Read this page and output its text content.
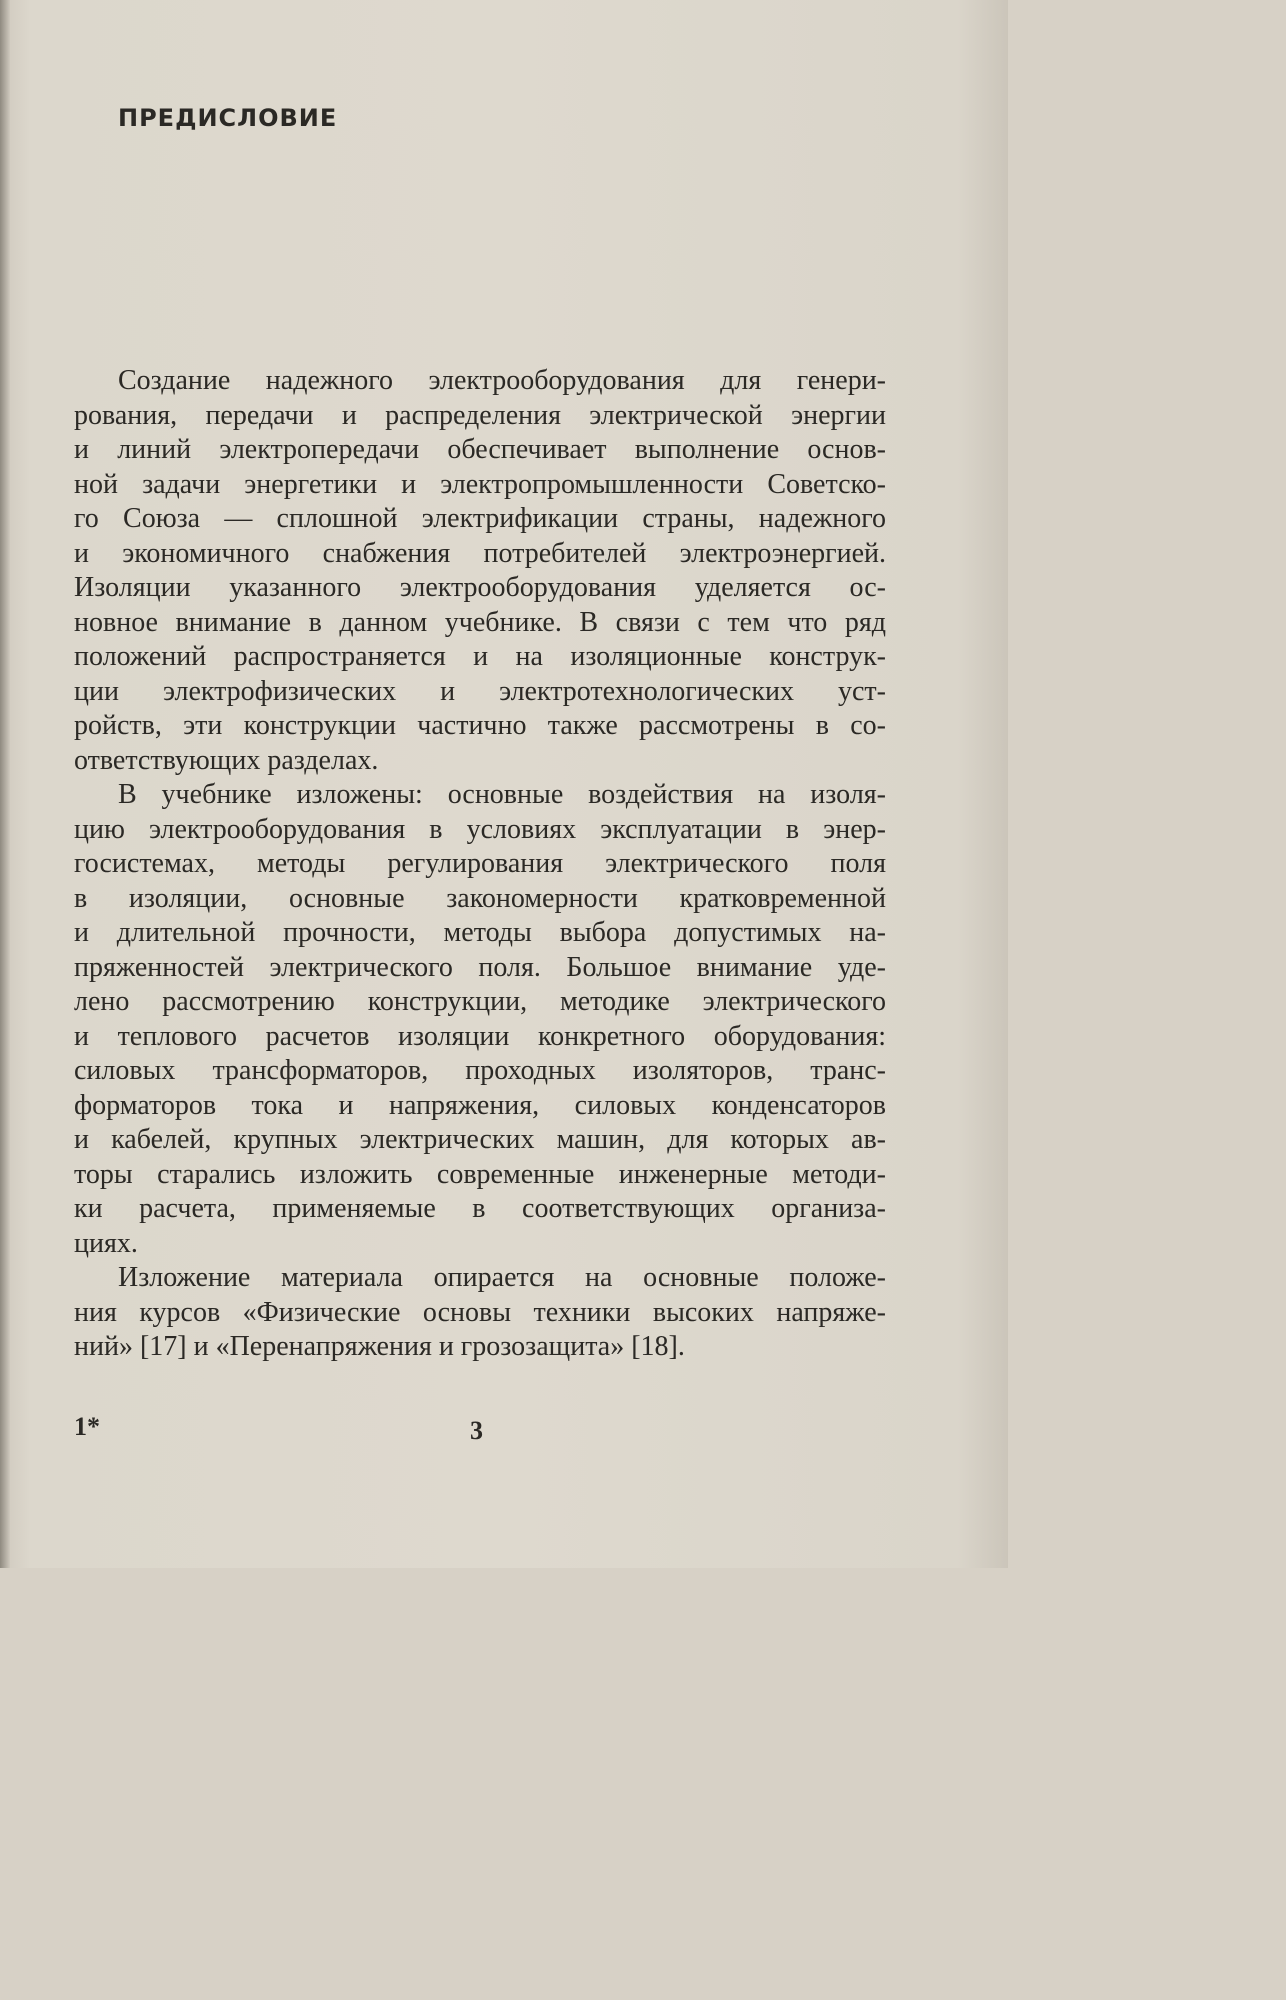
ПРЕДИСЛОВИЕ
Создание надежного электрооборудования для генери-
рования, передачи и распределения электрической энергии
и линий электропередачи обеспечивает выполнение основ-
ной задачи энергетики и электропромышленности Советско-
го Союза — сплошной электрификации страны, надежного
и экономичного снабжения потребителей электроэнергией.
Изоляции указанного электрооборудования уделяется ос-
новное внимание в данном учебнике. В связи с тем что ряд
положений распространяется и на изоляционные конструк-
ции электрофизических и электротехнологических уст-
ройств, эти конструкции частично также рассмотрены в со-
ответствующих разделах.
В учебнике изложены: основные воздействия на изоля-
цию электрооборудования в условиях эксплуатации в энер-
госистемах, методы регулирования электрического поля
в изоляции, основные закономерности кратковременной
и длительной прочности, методы выбора допустимых на-
пряженностей электрического поля. Большое внимание уде-
лено рассмотрению конструкции, методике электрического
и теплового расчетов изоляции конкретного оборудования:
силовых трансформаторов, проходных изоляторов, транс-
форматоров тока и напряжения, силовых конденсаторов
и кабелей, крупных электрических машин, для которых ав-
торы старались изложить современные инженерные методи-
ки расчета, применяемые в соответствующих организа-
циях.
Изложение материала опирается на основные положе-
ния курсов «Физические основы техники высоких напряже-
ний» [17] и «Перенапряжения и грозозащита» [18].
1*	3
